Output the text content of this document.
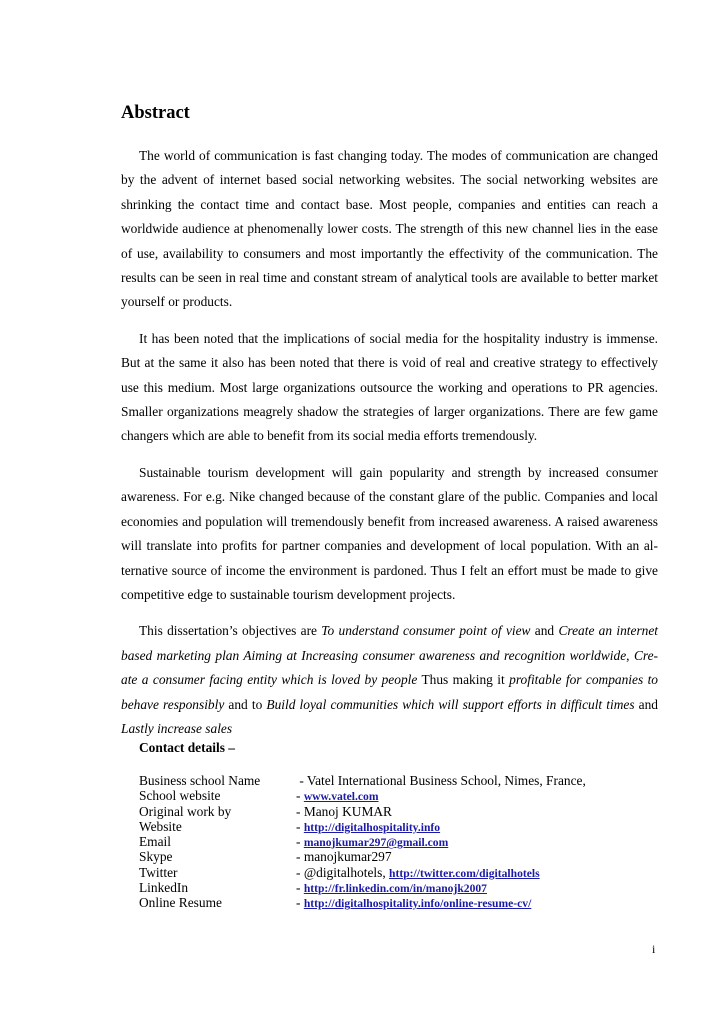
Abstract

The world of communication is fast changing today. The modes of communication are changed by the advent of internet based social networking websites. The social networking websites are shrinking the contact time and contact base. Most people, companies and entities can reach a worldwide audience at phenomenally lower costs. The strength of this new channel lies in the ease of use, availability to consumers and most importantly the effectivity of the communication. The results can be seen in real time and constant stream of analytical tools are available to better market yourself or products.

It has been noted that the implications of social media for the hospitality industry is immense. But at the same it also has been noted that there is void of real and creative strategy to effectively use this medium. Most large organizations outsource the working and operations to PR agencies. Smaller organizations meagrely shadow the strategies of larger organizations. There are few game changers which are able to benefit from its social media efforts tremendously.

Sustainable tourism development will gain popularity and strength by increased consumer awareness. For e.g. Nike changed because of the constant glare of the public. Companies and local economies and population will tremendously benefit from increased awareness. A raised awareness will translate into profits for partner companies and development of local population. With an alternative source of income the environment is pardoned. Thus I felt an effort must be made to give competitive edge to sustainable tourism development projects.

This dissertation’s objectives are To understand consumer point of view and Create an internet based marketing plan Aiming at Increasing consumer awareness and recognition worldwide, Create a consumer facing entity which is loved by people Thus making it profitable for companies to behave responsibly and to Build loyal communities which will support efforts in difficult times and Lastly increase sales

Contact details –
Business school Name	- Vatel International Business School, Nimes, France,
School website	- www.vatel.com
Original work by	- Manoj KUMAR
Website	- http://digitalhospitality.info
Email	- manojkumar297@gmail.com
Skype	- manojkumar297
Twitter	- @digitalhotels, http://twitter.com/digitalhotels
LinkedIn	- http://fr.linkedin.com/in/manojk2007
Online Resume	- http://digitalhospitality.info/online-resume-cv/
i
